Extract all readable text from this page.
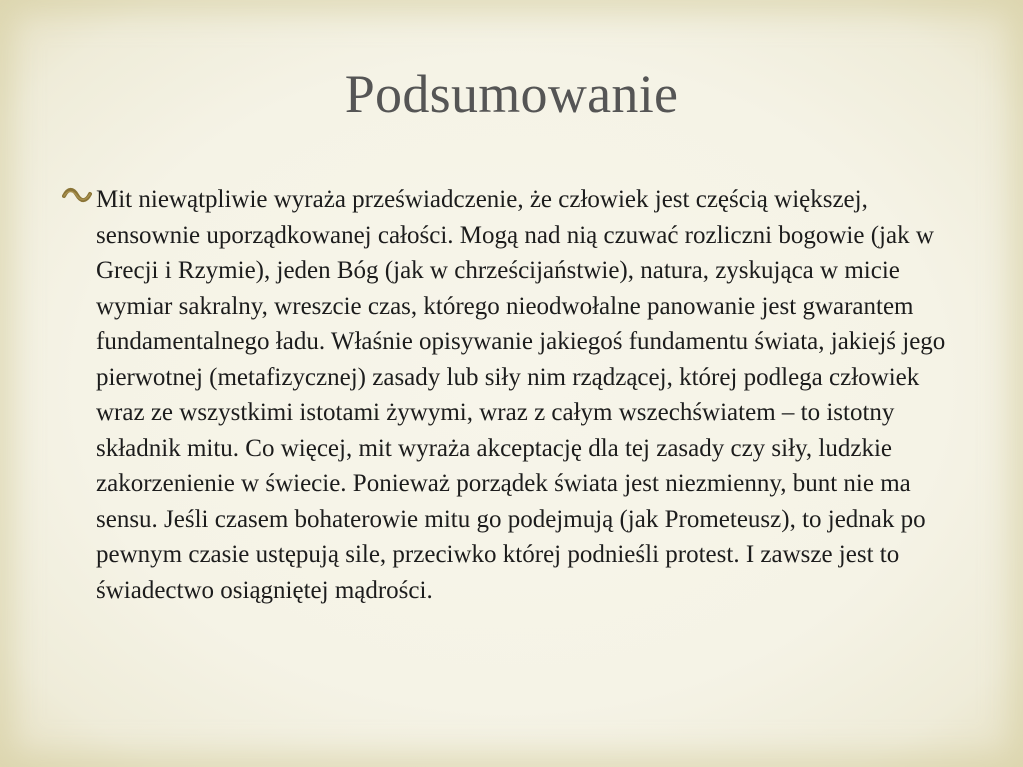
Podsumowanie

Mit niewątpliwie wyraża przeświadczenie, że człowiek jest częścią większej, sensownie uporządkowanej całości. Mogą nad nią czuwać rozliczni bogowie (jak w Grecji i Rzymie), jeden Bóg (jak w chrześcijaństwie), natura, zyskująca w micie wymiar sakralny, wreszcie czas, którego nieodwołalne panowanie jest gwarantem fundamentalnego ładu. Właśnie opisywanie jakiegoś fundamentu świata, jakiejś jego pierwotnej (metafizycznej) zasady lub siły nim rządzącej, której podlega człowiek wraz ze wszystkimi istotami żywymi, wraz z całym wszechświatem – to istotny składnik mitu. Co więcej, mit wyraża akceptację dla tej zasady czy siły, ludzkie zakorzenienie w świecie. Ponieważ porządek świata jest niezmienny, bunt nie ma sensu. Jeśli czasem bohaterowie mitu go podejmują (jak Prometeusz), to jednak po pewnym czasie ustępują sile, przeciwko której podnieśli protest. I zawsze jest to świadectwo osiągniętej mądrości.
